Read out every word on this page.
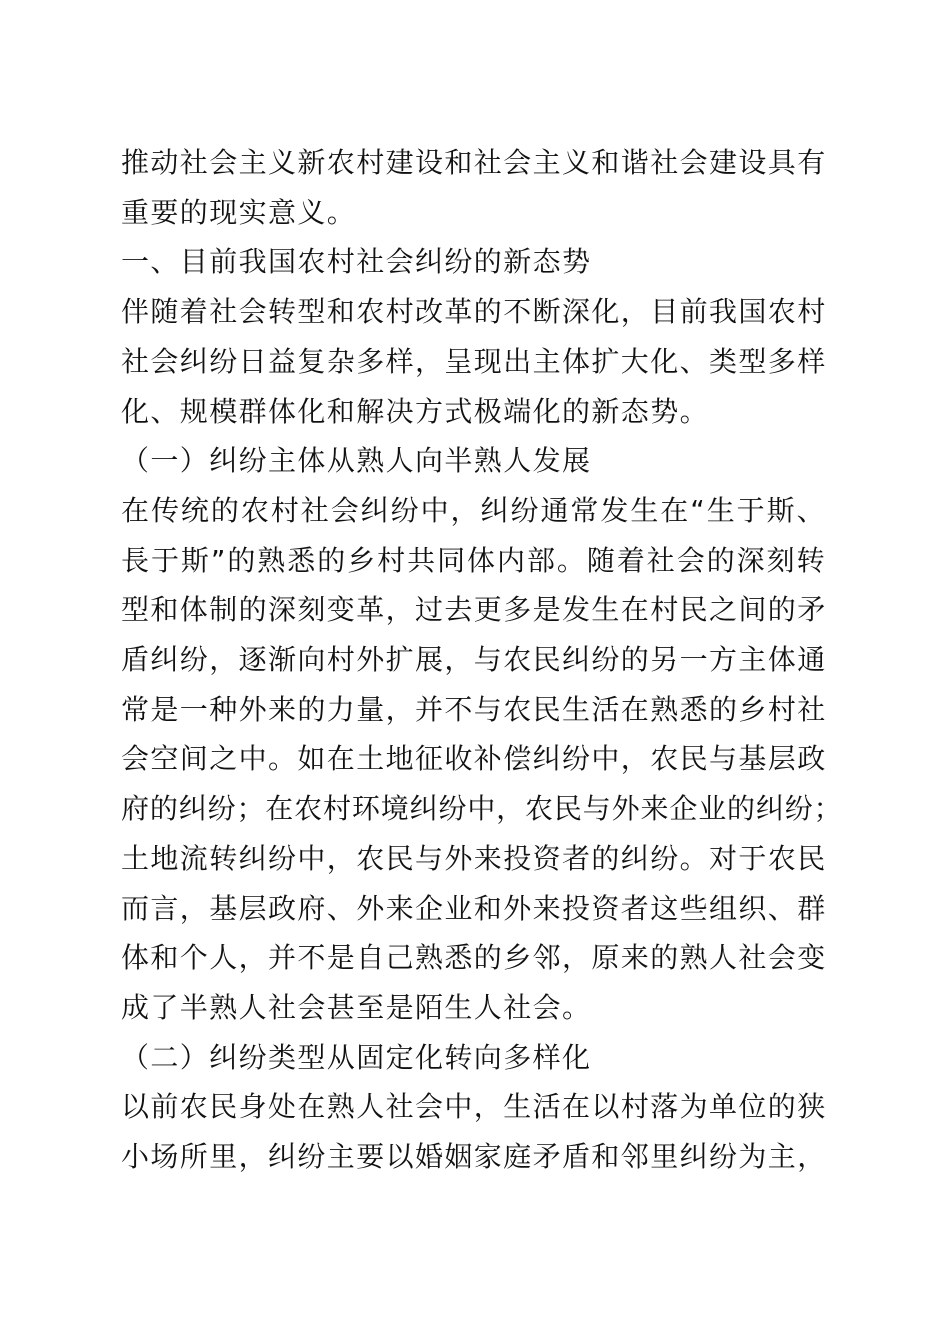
推动社会主义新农村建设和社会主义和谐社会建设具有
重要的现实意义。
一、目前我国农村社会纠纷的新态势
伴随着社会转型和农村改革的不断深化，目前我国农村
社会纠纷日益复杂多样，呈现出主体扩大化、类型多样
化、规模群体化和解决方式极端化的新态势。
（一）纠纷主体从熟人向半熟人发展
在传统的农村社会纠纷中，纠纷通常发生在“生于斯、
長于斯”的熟悉的乡村共同体内部。随着社会的深刻转
型和体制的深刻变革，过去更多是发生在村民之间的矛
盾纠纷，逐渐向村外扩展，与农民纠纷的另一方主体通
常是一种外来的力量，并不与农民生活在熟悉的乡村社
会空间之中。如在土地征收补偿纠纷中，农民与基层政
府的纠纷；在农村环境纠纷中，农民与外来企业的纠纷；
土地流转纠纷中，农民与外来投资者的纠纷。对于农民
而言，基层政府、外来企业和外来投资者这些组织、群
体和个人，并不是自己熟悉的乡邻，原来的熟人社会变
成了半熟人社会甚至是陌生人社会。
（二）纠纷类型从固定化转向多样化
以前农民身处在熟人社会中，生活在以村落为单位的狭
小场所里，纠纷主要以婚姻家庭矛盾和邻里纠纷为主，
